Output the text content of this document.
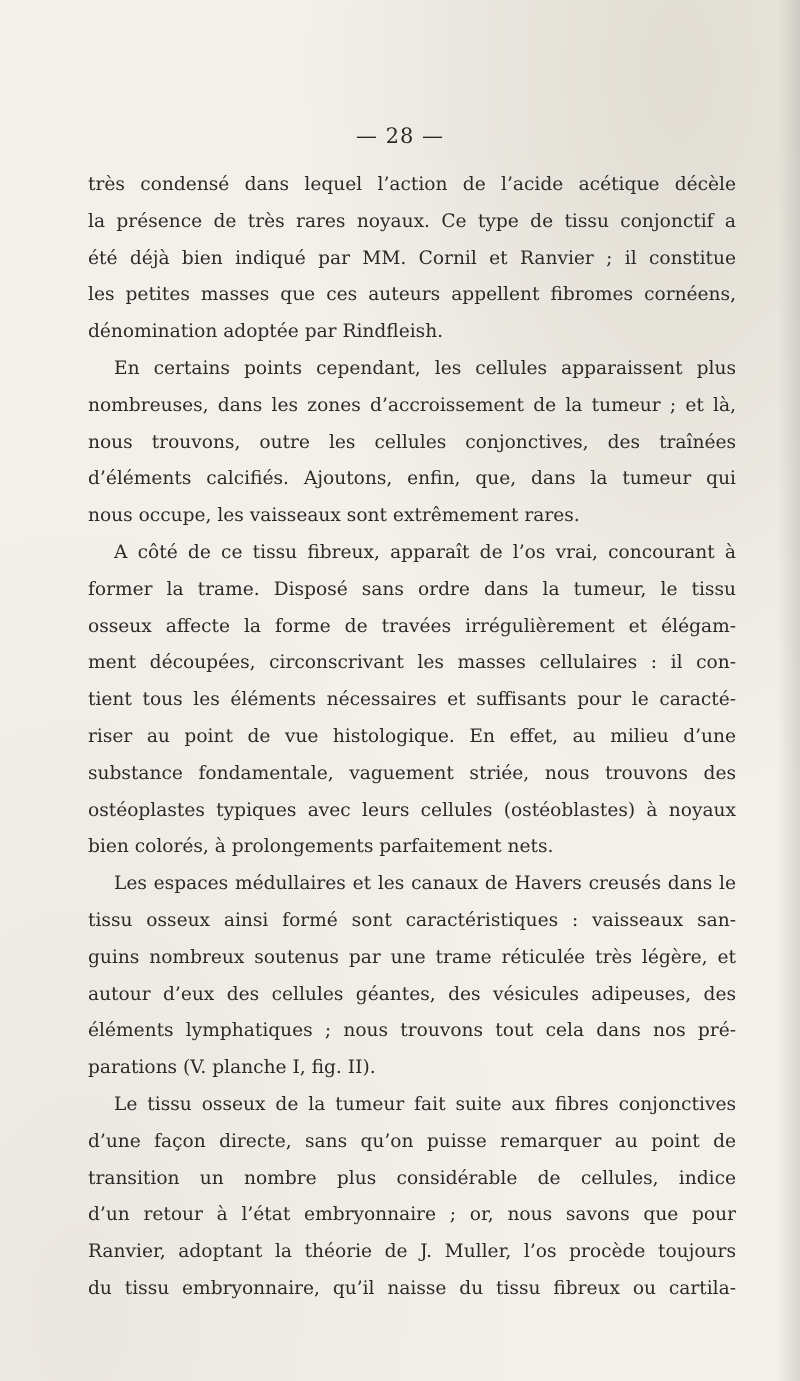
— 28 —

très condensé dans lequel l’action de l’acide acétique décèle

la présence de très rares noyaux. Ce type de tissu conjonctif a

été déjà bien indiqué par MM. Cornil et Ranvier ; il constitue

les petites masses que ces auteurs appellent fibromes cornéens,

dénomination adoptée par Rindfleish.

En certains points cependant, les cellules apparaissent plus

nombreuses, dans les zones d’accroissement de la tumeur ; et là,

nous trouvons, outre les cellules conjonctives, des traînées

d’éléments calcifiés. Ajoutons, enfin, que, dans la tumeur qui

nous occupe, les vaisseaux sont extrêmement rares.

A côté de ce tissu fibreux, apparaît de l’os vrai, concourant à

former la trame. Disposé sans ordre dans la tumeur, le tissu

osseux affecte la forme de travées irrégulièrement et élégam-

ment découpées, circonscrivant les masses cellulaires : il con-

tient tous les éléments nécessaires et suffisants pour le caracté-

riser au point de vue histologique. En effet, au milieu d’une

substance fondamentale, vaguement striée, nous trouvons des

ostéoplastes typiques avec leurs cellules (ostéoblastes) à noyaux

bien colorés, à prolongements parfaitement nets.

Les espaces médullaires et les canaux de Havers creusés dans le

tissu osseux ainsi formé sont caractéristiques : vaisseaux san-

guins nombreux soutenus par une trame réticulée très légère, et

autour d’eux des cellules géantes, des vésicules adipeuses, des

éléments lymphatiques ; nous trouvons tout cela dans nos pré-

parations (V. planche I, fig. II).

Le tissu osseux de la tumeur fait suite aux fibres conjonctives

d’une façon directe, sans qu’on puisse remarquer au point de

transition un nombre plus considérable de cellules, indice

d’un retour à l’état embryonnaire ; or, nous savons que pour

Ranvier, adoptant la théorie de J. Muller, l’os procède toujours

du tissu embryonnaire, qu’il naisse du tissu fibreux ou cartila-
